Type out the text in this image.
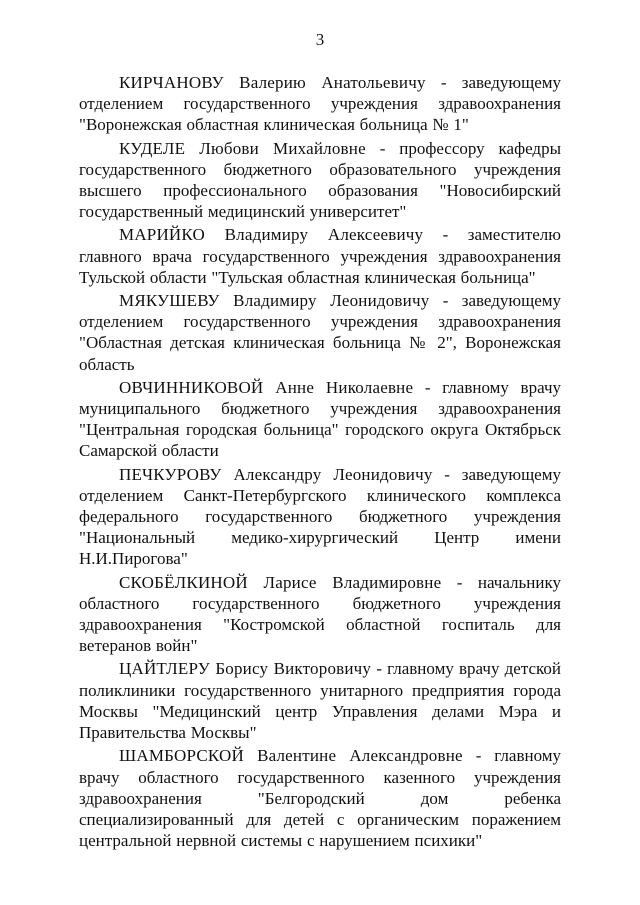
3

КИРЧАНОВУ Валерию Анатольевичу - заведующему отделением государственного учреждения здравоохранения "Воронежская областная клиническая больница № 1"

КУДЕЛЕ Любови Михайловне - профессору кафедры государственного бюджетного образовательного учреждения высшего профессионального образования "Новосибирский государственный медицинский университет"

МАРИЙКО Владимиру Алексеевичу - заместителю главного врача государственного учреждения здравоохранения Тульской области "Тульская областная клиническая больница"

МЯКУШЕВУ Владимиру Леонидовичу - заведующему отделением государственного учреждения здравоохранения "Областная детская клиническая больница № 2", Воронежская область

ОВЧИННИКОВОЙ Анне Николаевне - главному врачу муниципального бюджетного учреждения здравоохранения "Центральная городская больница" городского округа Октябрьск Самарской области

ПЕЧКУРОВУ Александру Леонидовичу - заведующему отделением Санкт-Петербургского клинического комплекса федерального государственного бюджетного учреждения "Национальный медико-хирургический Центр имени Н.И.Пирогова"

СКОБЁЛКИНОЙ Ларисе Владимировне - начальнику областного государственного бюджетного учреждения здравоохранения "Костромской областной госпиталь для ветеранов войн"

ЦАЙТЛЕРУ Борису Викторовичу - главному врачу детской поликлиники государственного унитарного предприятия города Москвы "Медицинский центр Управления делами Мэра и Правительства Москвы"

ШАМБОРСКОЙ Валентине Александровне - главному врачу областного государственного казенного учреждения здравоохранения "Белгородский дом ребенка специализированный для детей с органическим поражением центральной нервной системы с нарушением психики"
